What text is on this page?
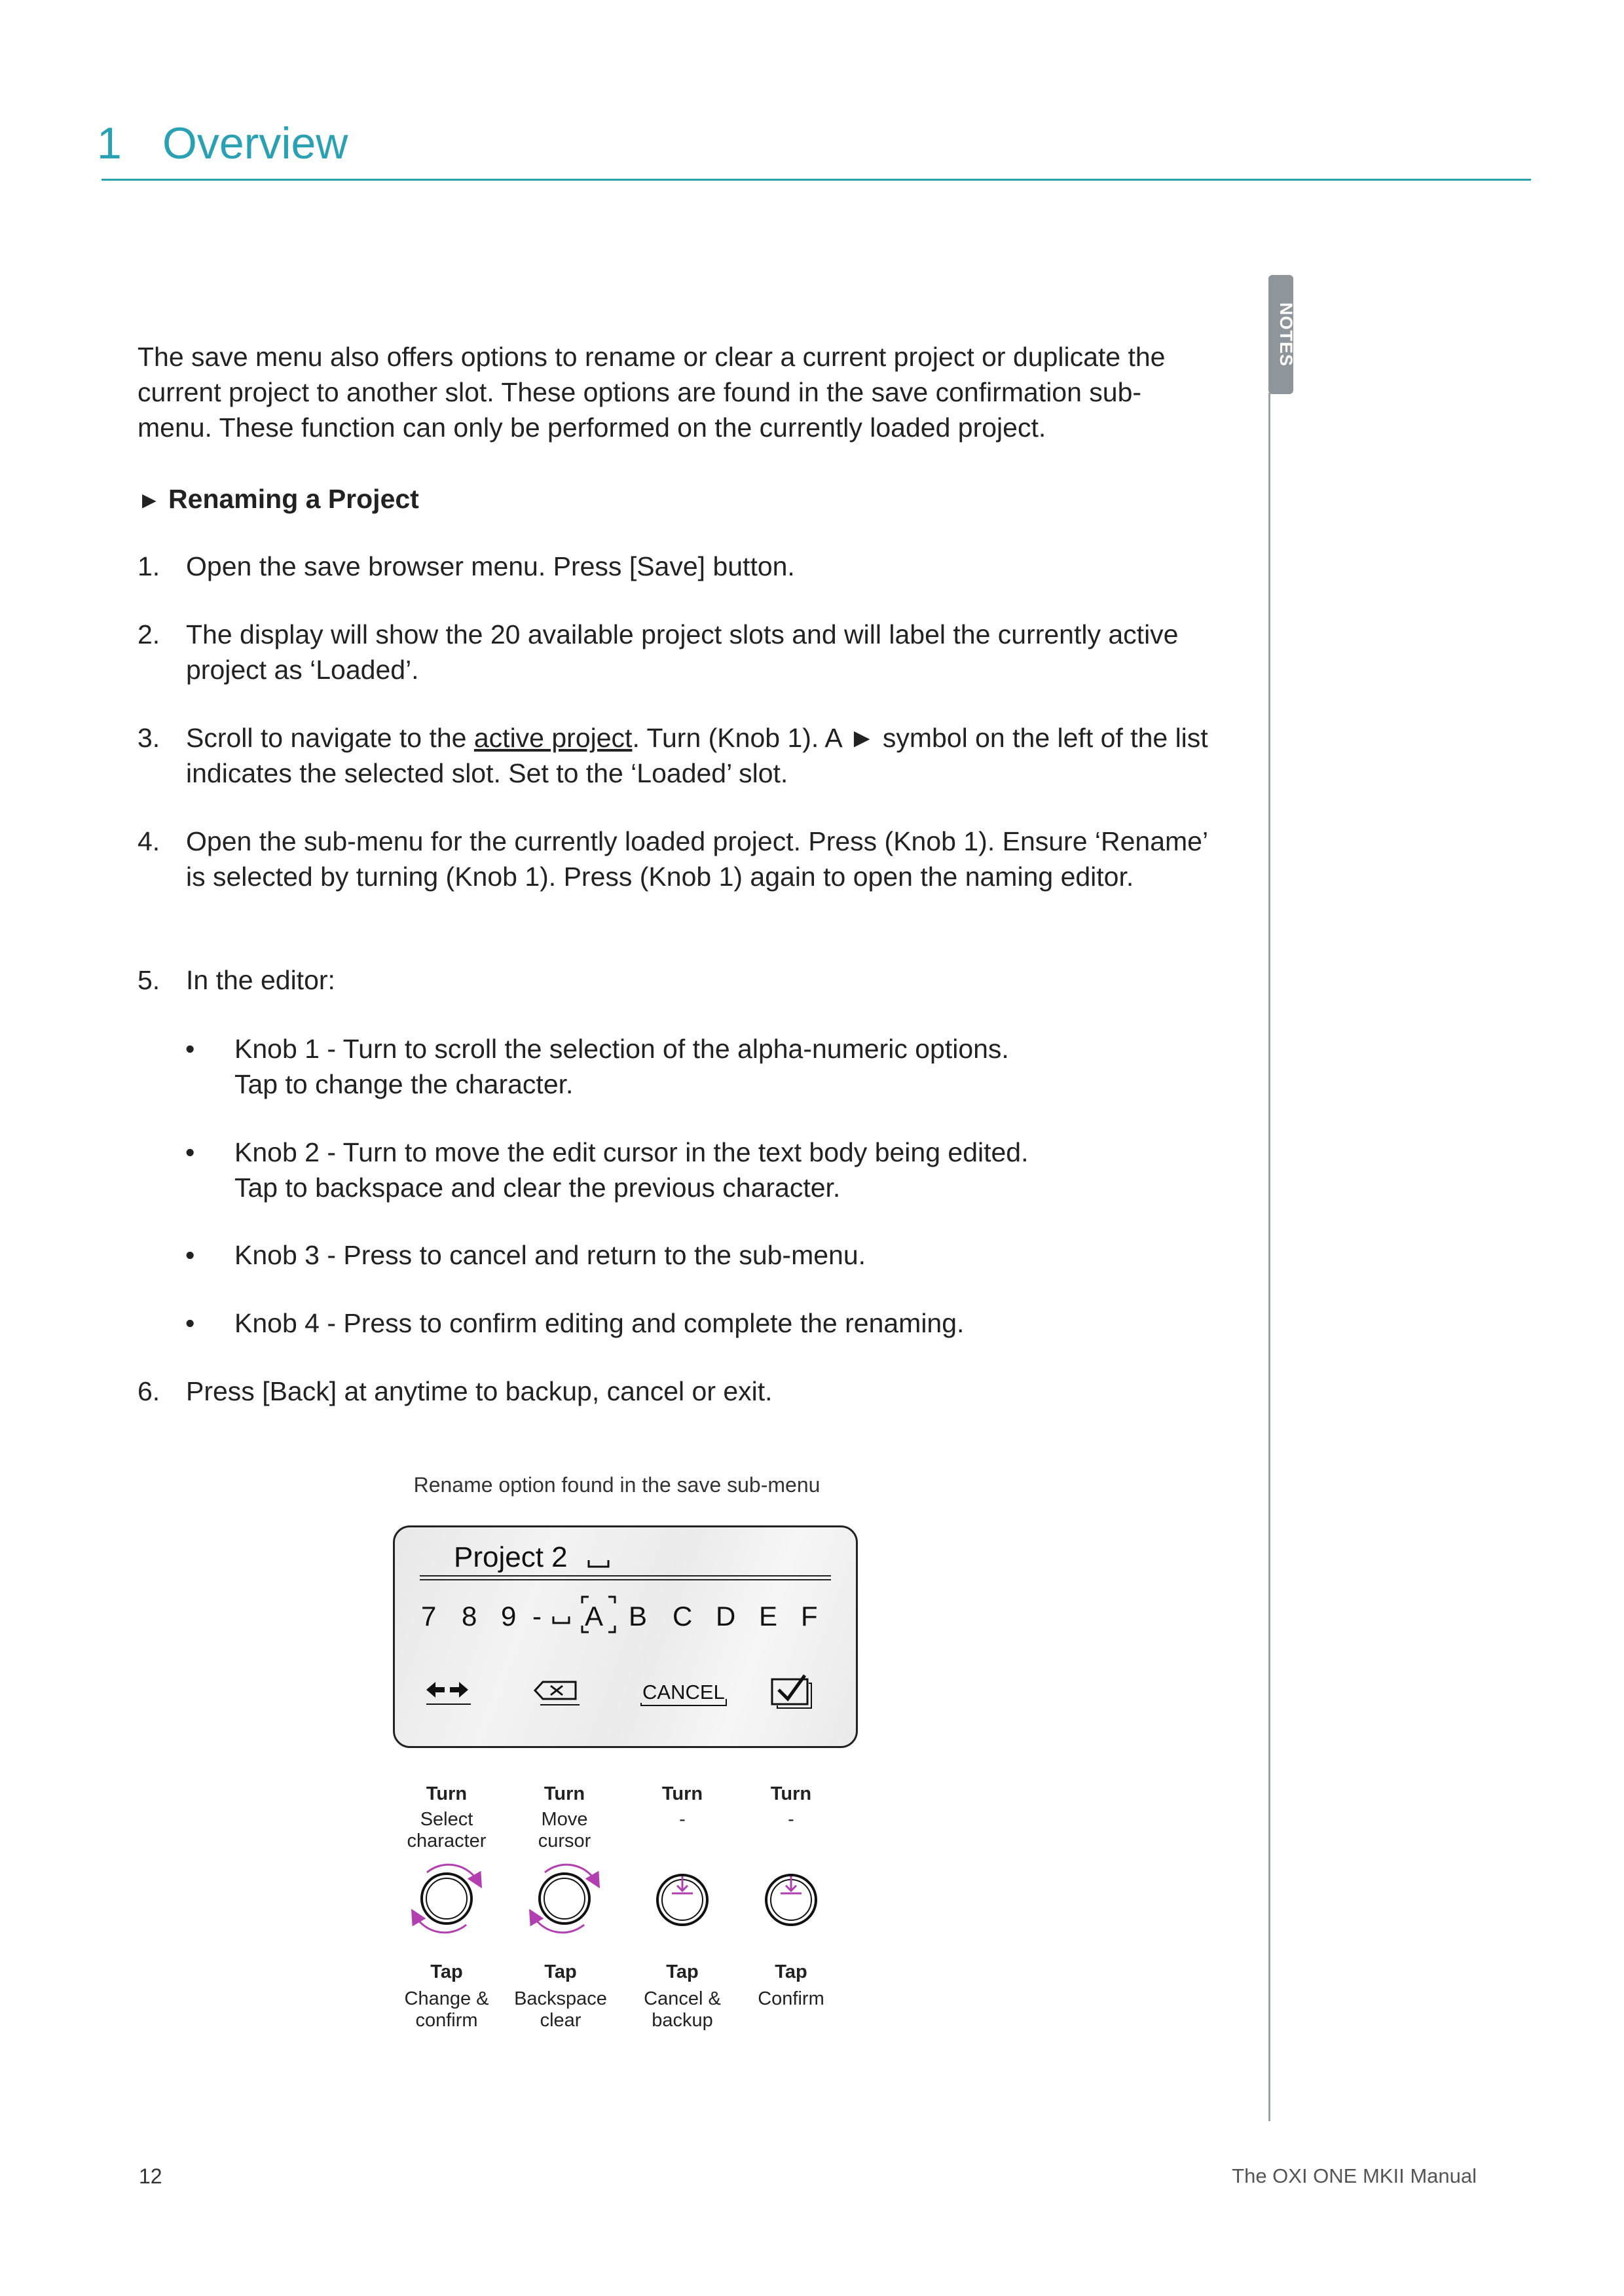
1 Overview
NOTES
The save menu also offers options to rename or clear a current project or duplicate the current project to another slot. These options are found in the save confirmation sub-menu. These function can only be performed on the currently loaded project.
► Renaming a Project
1. Open the save browser menu. Press [Save] button.
2. The display will show the 20 available project slots and will label the currently active project as ‘Loaded’.
3. Scroll to navigate to the active project. Turn (Knob 1). A ► symbol on the left of the list indicates the selected slot. Set to the ‘Loaded’ slot.
4. Open the sub-menu for the currently loaded project. Press (Knob 1). Ensure ‘Rename’ is selected by turning (Knob 1). Press (Knob 1) again to open the naming editor.
5. In the editor:
• Knob 1 - Turn to scroll the selection of the alpha-numeric options.
Tap to change the character.
• Knob 2 - Turn to move the edit cursor in the text body being edited.
Tap to backspace and clear the previous character.
• Knob 3 - Press to cancel and return to the sub-menu.
• Knob 4 - Press to confirm editing and complete the renaming.
6. Press [Back] at anytime to backup, cancel or exit.
Rename option found in the save sub-menu
Project 2
7 8 9 - A B C D E F
CANCEL
Turn
Select
character
Turn
Move
cursor
Turn
-
Turn
-
Tap
Change &
confirm
Tap
Backspace
clear
Tap
Cancel &
backup
Tap
Confirm
12	The OXI ONE MKII Manual
